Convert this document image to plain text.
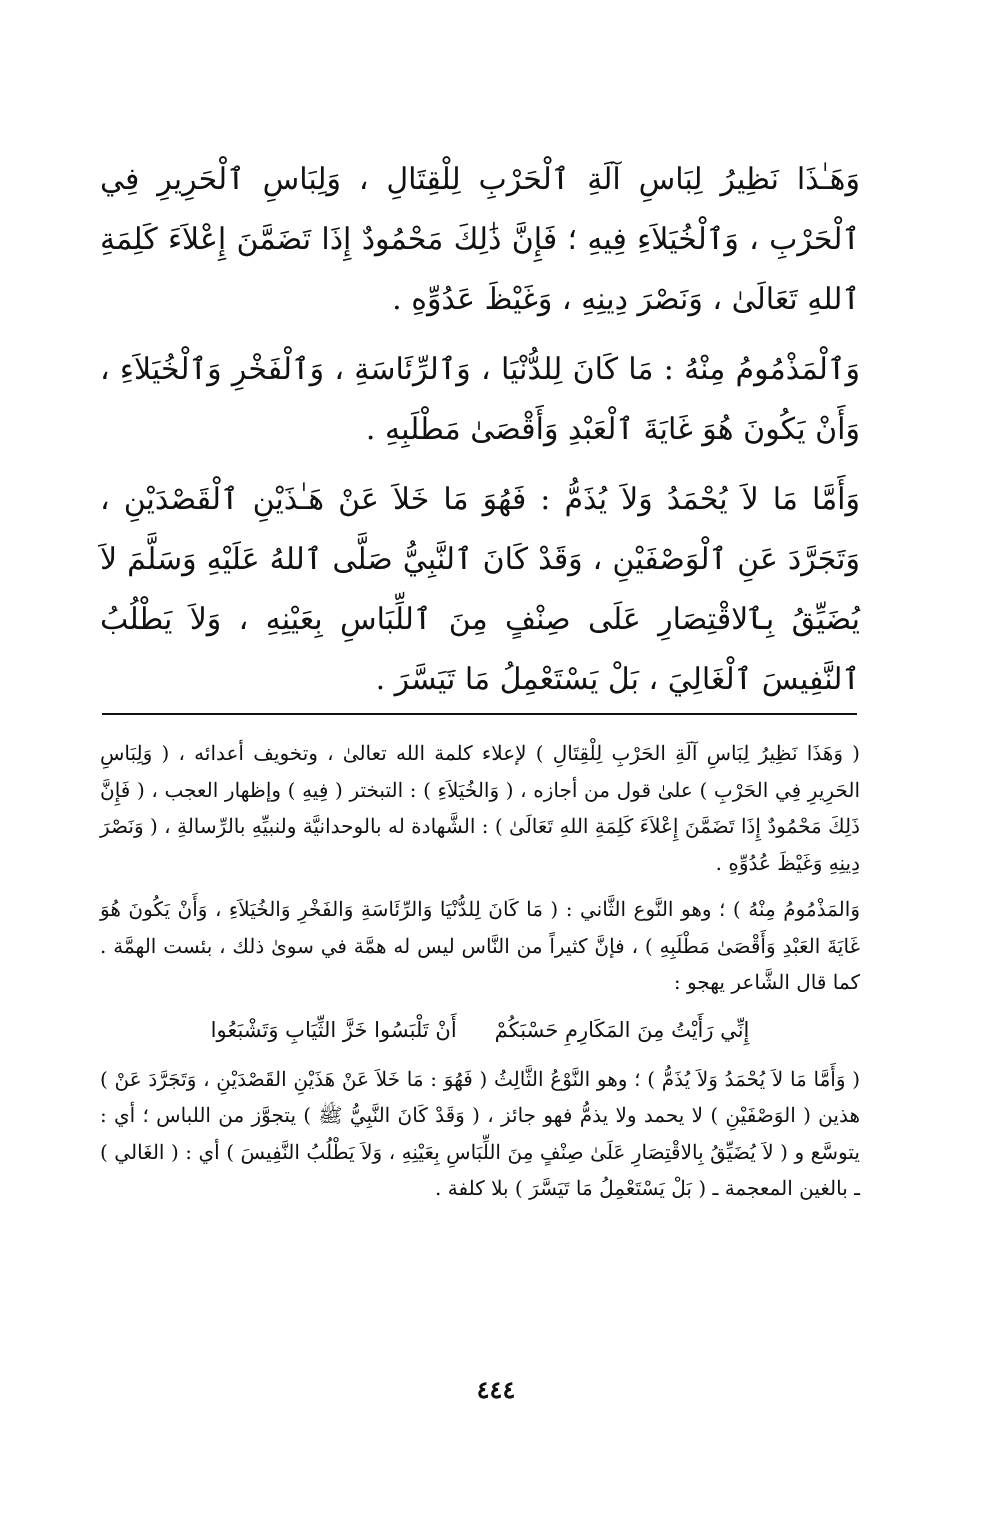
وَهَـٰذَا نَظِيرُ لِبَاسِ آلَةِ ٱلْحَرْبِ لِلْقِتَالِ ، وَلِبَاسِ ٱلْحَرِيرِ فِي ٱلْحَرْبِ ، وَٱلْخُيَلاَءِ فِيهِ ؛ فَإِنَّ ذَٰلِكَ مَحْمُودٌ إِذَا تَضَمَّنَ إِعْلاَءَ كَلِمَةِ ٱللهِ تَعَالَىٰ ، وَنَصْرَ دِينِهِ ، وَغَيْظَ عَدُوِّهِ .

وَٱلْمَذْمُومُ مِنْهُ : مَا كَانَ لِلدُّنْيَا ، وَٱلرِّئَاسَةِ ، وَٱلْفَخْرِ وَٱلْخُيَلاَءِ ، وَأَنْ يَكُونَ هُوَ غَايَةَ ٱلْعَبْدِ وَأَقْصَىٰ مَطْلَبِهِ .

وَأَمَّا مَا لاَ يُحْمَدُ وَلاَ يُذَمُّ : فَهُوَ مَا خَلاَ عَنْ هَـٰذَيْنِ ٱلْقَصْدَيْنِ ، وَتَجَرَّدَ عَنِ ٱلْوَصْفَيْنِ ، وَقَدْ كَانَ ٱلنَّبِيُّ صَلَّى ٱللهُ عَلَيْهِ وَسَلَّمَ لاَ يُضَيِّقُ بِٱلاقْتِصَارِ عَلَى صِنْفٍ مِنَ ٱللِّبَاسِ بِعَيْنِهِ ، وَلاَ يَطْلُبُ ٱلنَّفِيسَ ٱلْغَالِيَ ، بَلْ يَسْتَعْمِلُ مَا تَيَسَّرَ .

( وَهَذَا نَظِيرُ لِبَاسِ آلَةِ الحَرْبِ لِلْقِتَالِ ) لإعلاء كلمة الله تعالىٰ ، وتخويف أعدائه ، ( وَلِبَاسِ الحَرِيرِ فِي الحَرْبِ ) علىٰ قول من أجازه ، ( وَالخُيَلاَءِ ) : التبختر ( فِيهِ ) وإظهار العجب ، ( فَإِنَّ ذَلِكَ مَحْمُودٌ إِذَا تَضَمَّنَ إِعْلاَءَ كَلِمَةِ اللهِ تَعَالَىٰ ) : الشَّهادة له بالوحدانيَّة ولنبيِّهِ بالرِّسالةِ ، ( وَنَصْرَ دِينِهِ وَغَيْظَ عُدُوِّهِ .

وَالمَذْمُومُ مِنْهُ ) ؛ وهو النَّوع الثَّاني : ( مَا كَانَ لِلدُّنْيَا وَالرِّئَاسَةِ وَالفَخْرِ وَالخُيَلاَءِ ، وَأَنْ يَكُونَ هُوَ غَايَةَ العَبْدِ وَأَقْصَىٰ مَطْلَبِهِ ) ، فإنَّ كثيراً من النَّاس ليس له همَّة في سوىٰ ذلك ، بئست الهمَّة . كما قال الشَّاعر يهجو :

إِنِّي رَأَيْتُ مِنَ المَكَارِمِ حَسْبَكُمْ
أَنْ تَلْبَسُوا خَزَّ الثِّيَابِ وَتَشْبَعُوا

( وَأَمَّا مَا لاَ يُحْمَدُ وَلاَ يُذَمُّ ) ؛ وهو النَّوْعُ الثَّالِثُ ( فَهُوَ : مَا خَلاَ عَنْ هَذَيْنِ القَصْدَيْنِ ، وَتَجَرَّدَ عَنْ ) هذين ( الوَصْفَيْنِ ) لا يحمد ولا يذمُّ فهو جائز ، ( وَقَدْ كَانَ النَّبِيُّ ﷺ ) يتجوَّز من اللباس ؛ أي : يتوسَّع و ( لاَ يُضَيِّقُ بِالاقْتِصَارِ عَلَىٰ صِنْفٍ مِنَ اللِّبَاسِ بِعَيْنِهِ ، وَلاَ يَطْلُبُ النَّفِيسَ ) أي : ( الغَالي ) ـ بالغين المعجمة ـ ( بَلْ يَسْتَعْمِلُ مَا تَيَسَّرَ ) بلا كلفة .

٤٤٤
